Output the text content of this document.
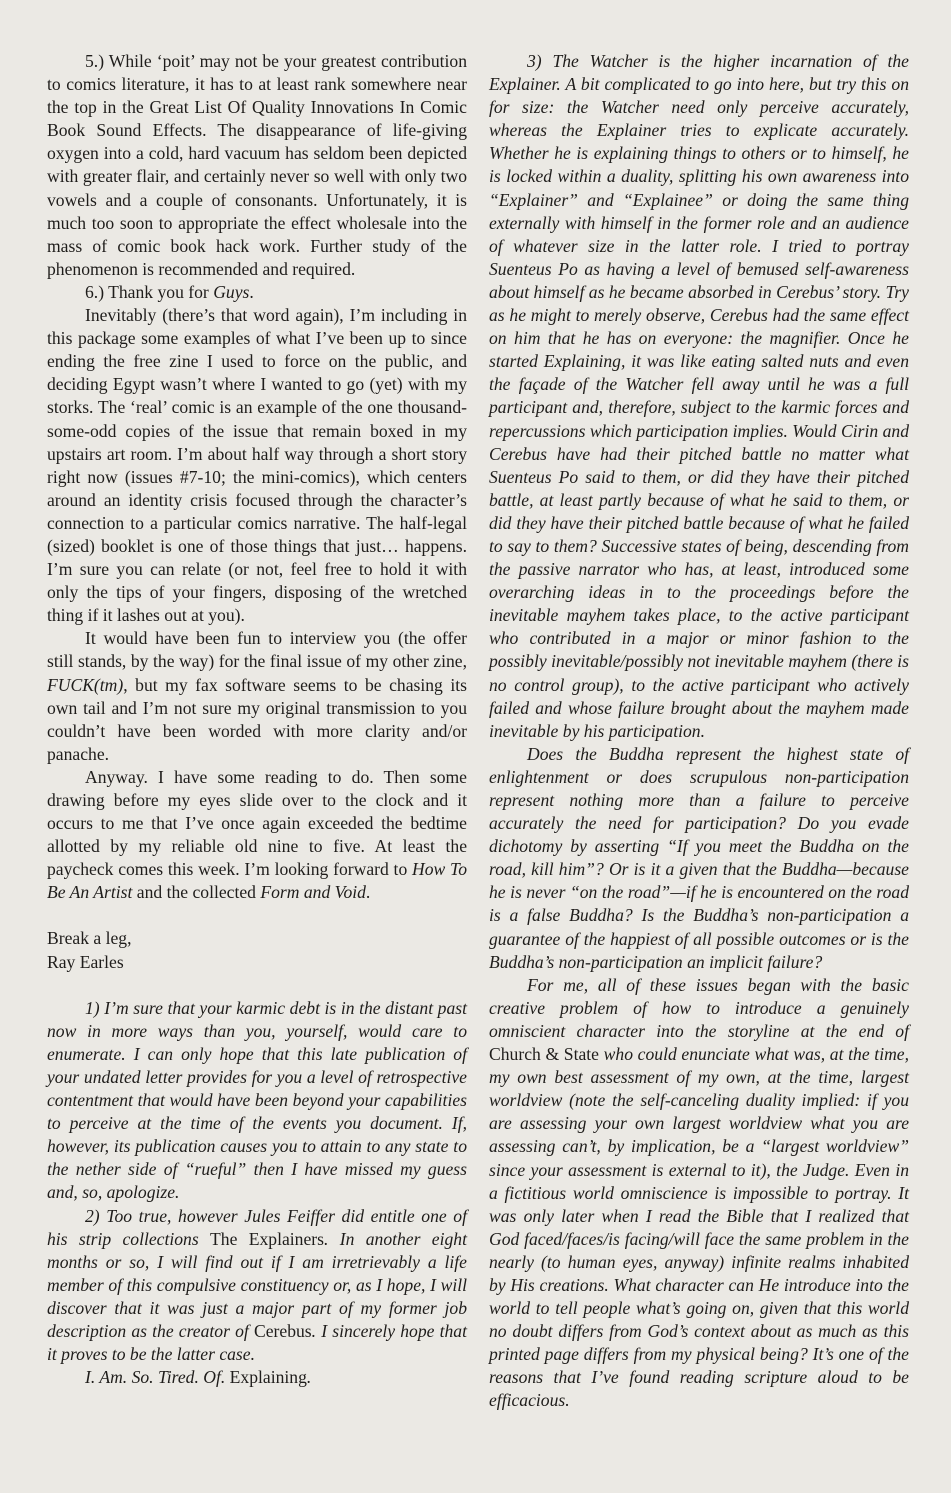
5.) While ‘poit’ may not be your greatest contribution to comics literature, it has to at least rank somewhere near the top in the Great List Of Quality Innovations In Comic Book Sound Effects. The disappearance of life-giving oxygen into a cold, hard vacuum has seldom been depicted with greater flair, and certainly never so well with only two vowels and a couple of consonants. Unfortunately, it is much too soon to appropriate the effect wholesale into the mass of comic book hack work. Further study of the phenomenon is recommended and required.

6.) Thank you for Guys.

Inevitably (there’s that word again), I’m including in this package some examples of what I’ve been up to since ending the free zine I used to force on the public, and deciding Egypt wasn’t where I wanted to go (yet) with my storks. The ‘real’ comic is an example of the one thousand-some-odd copies of the issue that remain boxed in my upstairs art room. I’m about half way through a short story right now (issues #7-10; the mini-comics), which centers around an identity crisis focused through the character’s connection to a particular comics narrative. The half-legal (sized) booklet is one of those things that just… happens. I’m sure you can relate (or not, feel free to hold it with only the tips of your fingers, disposing of the wretched thing if it lashes out at you).

It would have been fun to interview you (the offer still stands, by the way) for the final issue of my other zine, FUCK(tm), but my fax software seems to be chasing its own tail and I’m not sure my original transmission to you couldn’t have been worded with more clarity and/or panache.

Anyway. I have some reading to do. Then some drawing before my eyes slide over to the clock and it occurs to me that I’ve once again exceeded the bedtime allotted by my reliable old nine to five. At least the paycheck comes this week. I’m looking forward to How To Be An Artist and the collected Form and Void.

Break a leg,

Ray Earles

1) I’m sure that your karmic debt is in the distant past now in more ways than you, yourself, would care to enumerate. I can only hope that this late publication of your undated letter provides for you a level of retrospective contentment that would have been beyond your capabilities to perceive at the time of the events you document. If, however, its publication causes you to attain to any state to the nether side of “rueful” then I have missed my guess and, so, apologize.

2) Too true, however Jules Feiffer did entitle one of his strip collections The Explainers. In another eight months or so, I will find out if I am irretrievably a life member of this compulsive constituency or, as I hope, I will discover that it was just a major part of my former job description as the creator of Cerebus. I sincerely hope that it proves to be the latter case.

I. Am. So. Tired. Of. Explaining.

3) The Watcher is the higher incarnation of the Explainer. A bit complicated to go into here, but try this on for size: the Watcher need only perceive accurately, whereas the Explainer tries to explicate accurately. Whether he is explaining things to others or to himself, he is locked within a duality, splitting his own awareness into “Explainer” and “Explainee” or doing the same thing externally with himself in the former role and an audience of whatever size in the latter role. I tried to portray Suenteus Po as having a level of bemused self-awareness about himself as he became absorbed in Cerebus’ story. Try as he might to merely observe, Cerebus had the same effect on him that he has on everyone: the magnifier. Once he started Explaining, it was like eating salted nuts and even the façade of the Watcher fell away until he was a full participant and, therefore, subject to the karmic forces and repercussions which participation implies. Would Cirin and Cerebus have had their pitched battle no matter what Suenteus Po said to them, or did they have their pitched battle, at least partly because of what he said to them, or did they have their pitched battle because of what he failed to say to them? Successive states of being, descending from the passive narrator who has, at least, introduced some overarching ideas in to the proceedings before the inevitable mayhem takes place, to the active participant who contributed in a major or minor fashion to the possibly inevitable/possibly not inevitable mayhem (there is no control group), to the active participant who actively failed and whose failure brought about the mayhem made inevitable by his participation.

Does the Buddha represent the highest state of enlightenment or does scrupulous non-participation represent nothing more than a failure to perceive accurately the need for participation? Do you evade dichotomy by asserting “If you meet the Buddha on the road, kill him”? Or is it a given that the Buddha—because he is never “on the road”—if he is encountered on the road is a false Buddha? Is the Buddha’s non-participation a guarantee of the happiest of all possible outcomes or is the Buddha’s non-participation an implicit failure?

For me, all of these issues began with the basic creative problem of how to introduce a genuinely omniscient character into the storyline at the end of Church & State who could enunciate what was, at the time, my own best assessment of my own, at the time, largest worldview (note the self-canceling duality implied: if you are assessing your own largest worldview what you are assessing can’t, by implication, be a “largest worldview” since your assessment is external to it), the Judge. Even in a fictitious world omniscience is impossible to portray. It was only later when I read the Bible that I realized that God faced/faces/is facing/will face the same problem in the nearly (to human eyes, anyway) infinite realms inhabited by His creations. What character can He introduce into the world to tell people what’s going on, given that this world no doubt differs from God’s context about as much as this printed page differs from my physical being? It’s one of the reasons that I’ve found reading scripture aloud to be efficacious.
